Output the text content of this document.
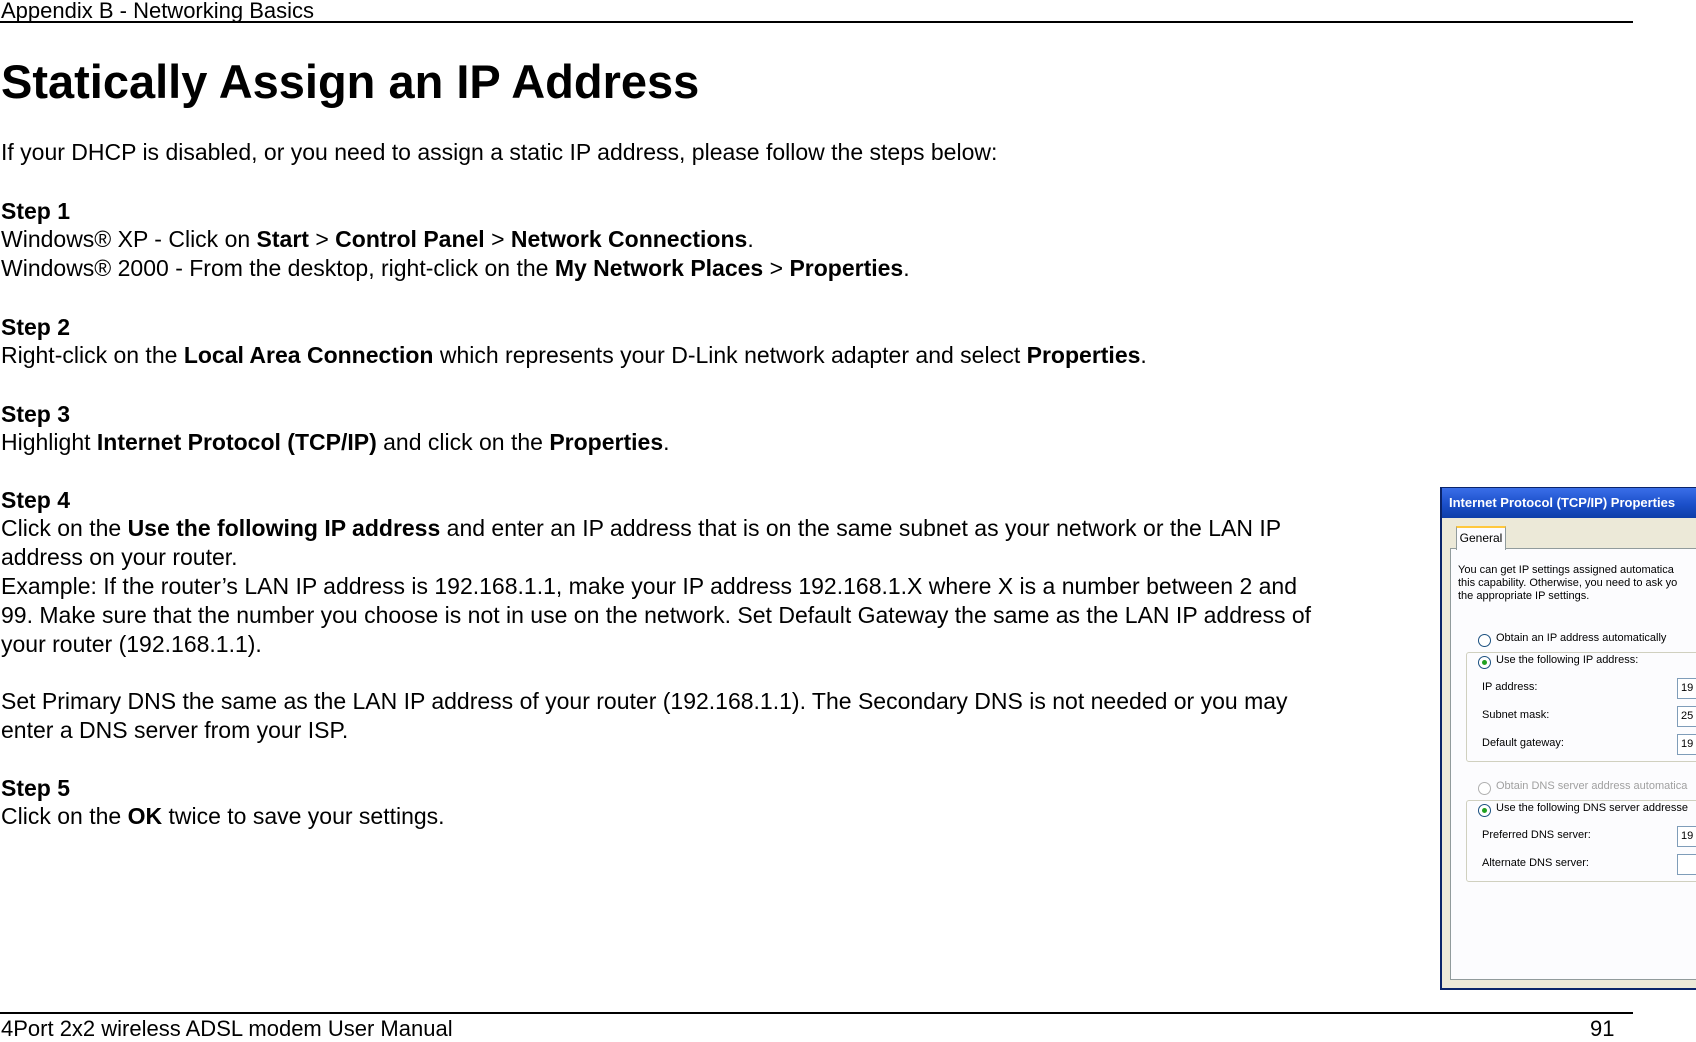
Appendix B - Networking Basics
Statically Assign an IP Address

If your DHCP is disabled, or you need to assign a static IP address, please follow the steps below:

Step 1

Windows® XP - Click on Start > Control Panel > Network Connections.

Windows® 2000 - From the desktop, right-click on the My Network Places > Properties.

Step 2

Right-click on the Local Area Connection which represents your D-Link network adapter and select Properties.

Step 3

Highlight Internet Protocol (TCP/IP) and click on the Properties.

Step 4

Click on the Use the following IP address and enter an IP address that is on the same subnet as your network or the LAN IP

address on your router.

Example: If the router’s LAN IP address is 192.168.1.1, make your IP address 192.168.1.X where X is a number between 2 and

99. Make sure that the number you choose is not in use on the network. Set Default Gateway the same as the LAN IP address of

your router (192.168.1.1).

Set Primary DNS the same as the LAN IP address of your router (192.168.1.1). The Secondary DNS is not needed or you may

enter a DNS server from your ISP.

Step 5

Click on the OK twice to save your settings.

Internet Protocol (TCP/IP) Properties
General
You can get IP settings assigned automatica
this capability. Otherwise, you need to ask yo
the appropriate IP settings.
Obtain an IP address automatically
Use the following IP address:
IP address:	19
Subnet mask:	25
Default gateway:	19
Obtain DNS server address automatica
Use the following DNS server addresse
Preferred DNS server:	19
Alternate DNS server:
4Port 2x2 wireless ADSL modem User Manual	91
